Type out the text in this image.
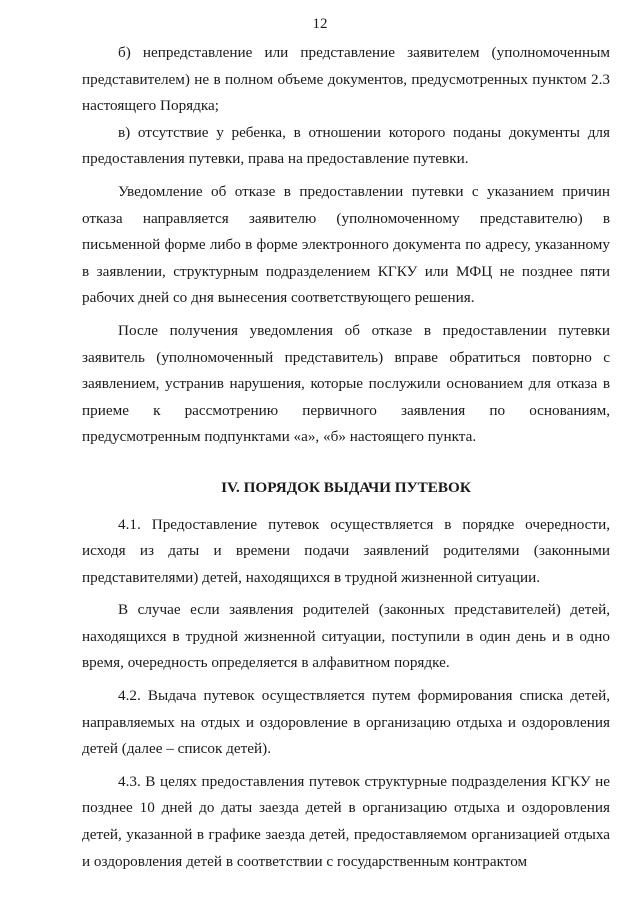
12

б) непредставление или представление заявителем (уполномоченным представителем) не в полном объеме документов, предусмотренных пунктом 2.3 настоящего Порядка;

в) отсутствие у ребенка, в отношении которого поданы документы для предоставления путевки, права на предоставление путевки.

Уведомление об отказе в предоставлении путевки с указанием причин отказа направляется заявителю (уполномоченному представителю) в письменной форме либо в форме электронного документа по адресу, указанному в заявлении, структурным подразделением КГКУ или МФЦ не позднее пяти рабочих дней со дня вынесения соответствующего решения.

После получения уведомления об отказе в предоставлении путевки заявитель (уполномоченный представитель) вправе обратиться повторно с заявлением, устранив нарушения, которые послужили основанием для отказа в приеме к рассмотрению первичного заявления по основаниям, предусмотренным подпунктами «а», «б» настоящего пункта.

IV. ПОРЯДОК ВЫДАЧИ ПУТЕВОК

4.1. Предоставление путевок осуществляется в порядке очередности, исходя из даты и времени подачи заявлений родителями (законными представителями) детей, находящихся в трудной жизненной ситуации.

В случае если заявления родителей (законных представителей) детей, находящихся в трудной жизненной ситуации, поступили в один день и в одно время, очередность определяется в алфавитном порядке.

4.2. Выдача путевок осуществляется путем формирования списка детей, направляемых на отдых и оздоровление в организацию отдыха и оздоровления детей (далее – список детей).

4.3. В целях предоставления путевок структурные подразделения КГКУ не позднее 10 дней до даты заезда детей в организацию отдыха и оздоровления детей, указанной в графике заезда детей, предоставляемом организацией отдыха и оздоровления детей в соответствии с государственным контрактом
